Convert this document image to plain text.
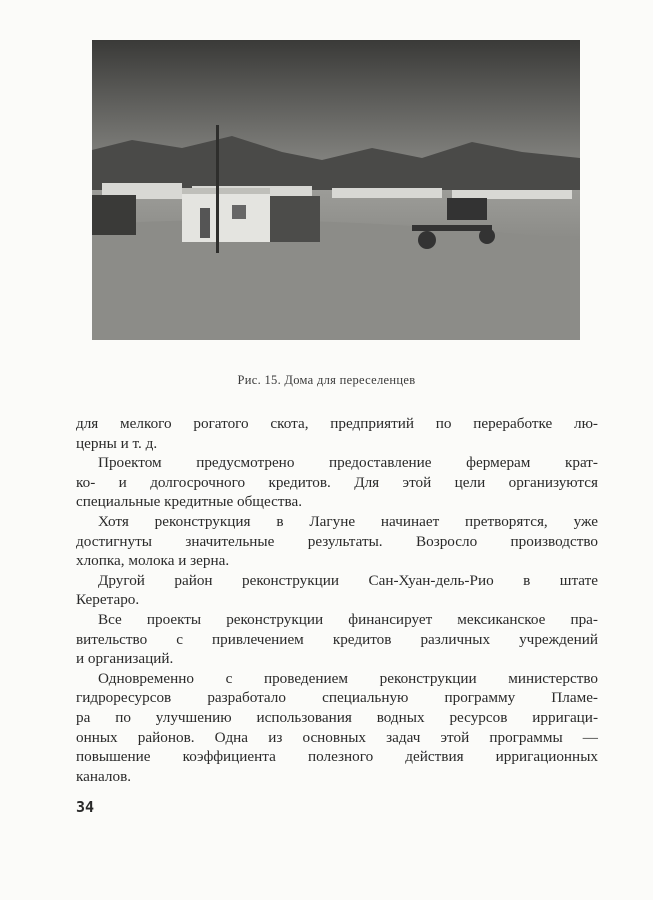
Рис. 15. Дома для переселенцев
для мелкого рогатого скота, предприятий по переработке лю-
церны и т. д.
Проектом предусмотрено предоставление фермерам крат-
ко- и долгосрочного кредитов. Для этой цели организуются
специальные кредитные общества.
Хотя реконструкция в Лагуне начинает претворятся, уже
достигнуты значительные результаты. Возросло производство
хлопка, молока и зерна.
Другой район реконструкции Сан-Хуан-дель-Рио в штате
Керетаро.
Все проекты реконструкции финансирует мексиканское пра-
вительство с привлечением кредитов различных учреждений
и организаций.
Одновременно с проведением реконструкции министерство
гидроресурсов разработало специальную программу Пламе-
ра по улучшению использования водных ресурсов ирригаци-
онных районов. Одна из основных задач этой программы —
повышение коэффициента полезного действия ирригационных
каналов.
34
